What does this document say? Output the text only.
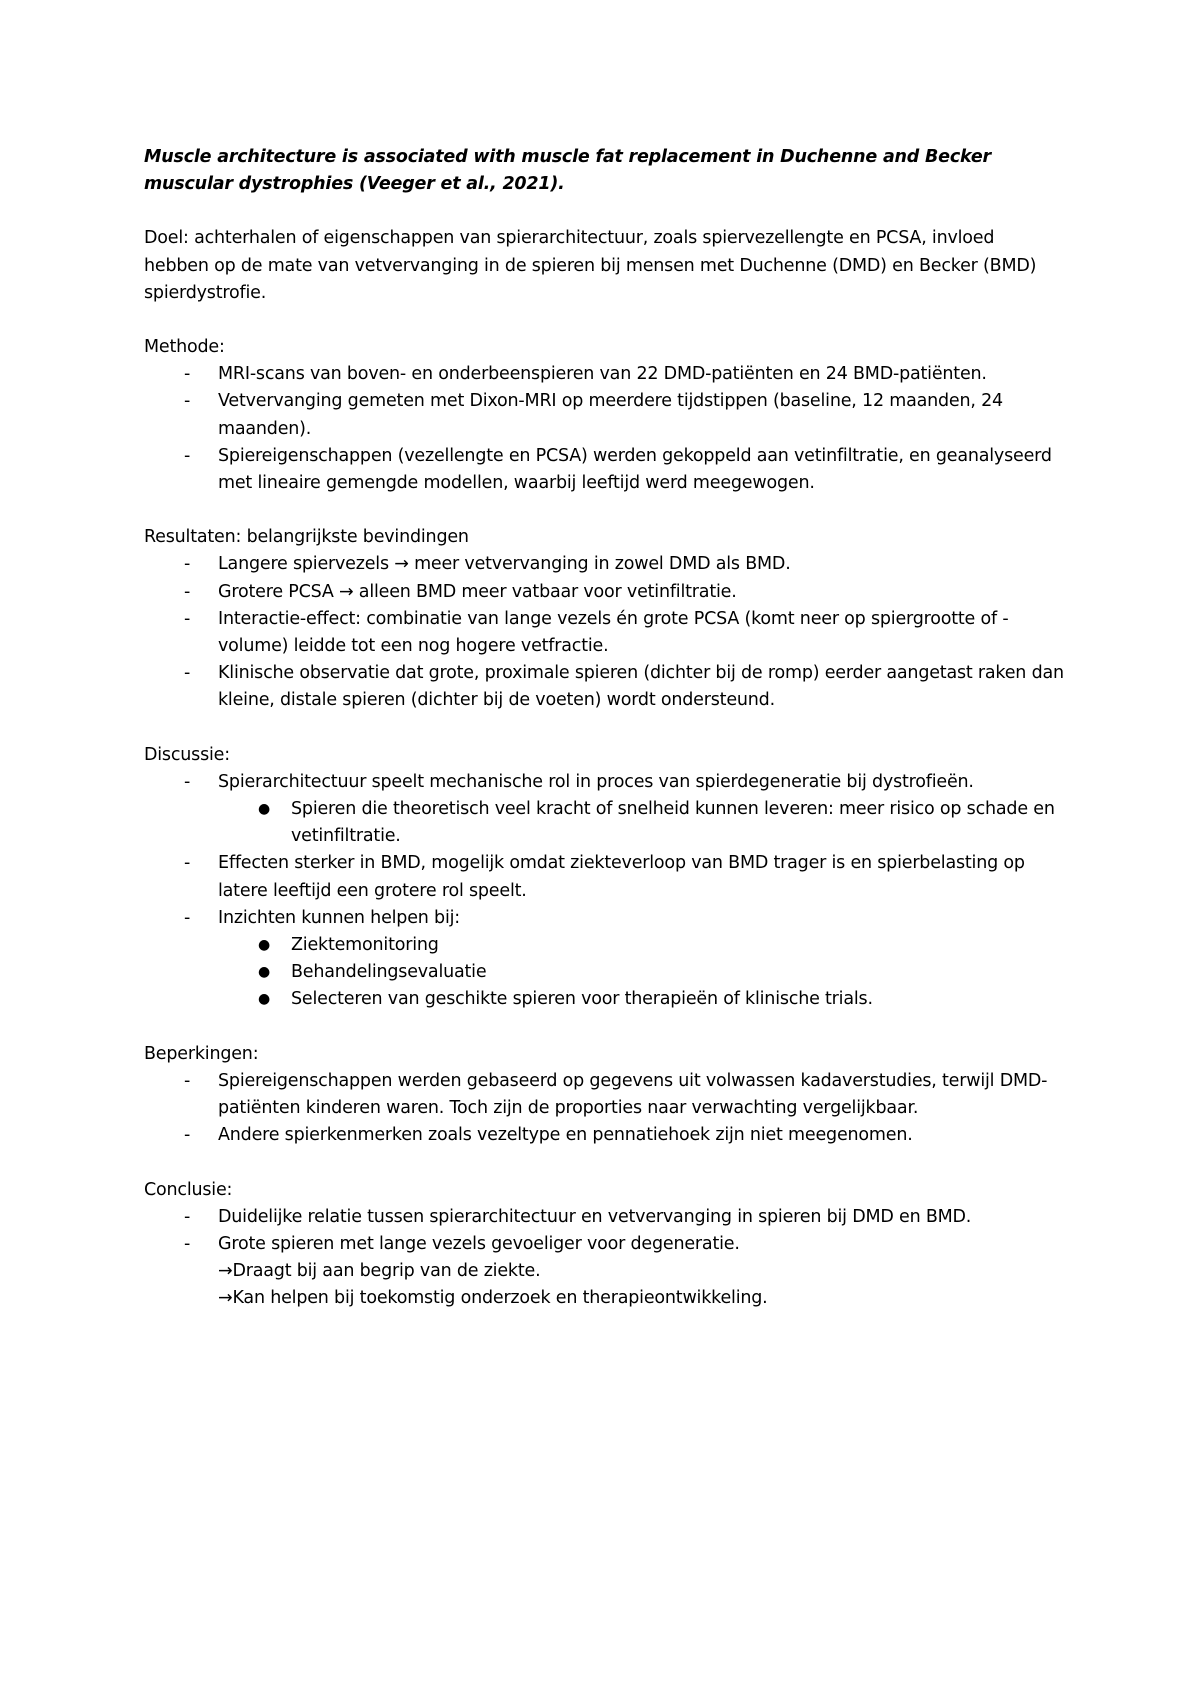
Muscle architecture is associated with muscle fat replacement in Duchenne and Becker muscular dystrophies (Veeger et al., 2021).

Doel: achterhalen of eigenschappen van spierarchitectuur, zoals spiervezellengte en PCSA, invloed hebben op de mate van vetvervanging in de spieren bij mensen met Duchenne (DMD) en Becker (BMD) spierdystrofie.

Methode:

- MRI-scans van boven- en onderbeenspieren van 22 DMD-patiënten en 24 BMD-patiënten.
- Vetvervanging gemeten met Dixon-MRI op meerdere tijdstippen (baseline, 12 maanden, 24 maanden).
- Spiereigenschappen (vezellengte en PCSA) werden gekoppeld aan vetinfiltratie, en geanalyseerd met lineaire gemengde modellen, waarbij leeftijd werd meegewogen.

Resultaten: belangrijkste bevindingen

- Langere spiervezels → meer vetvervanging in zowel DMD als BMD.
- Grotere PCSA → alleen BMD meer vatbaar voor vetinfiltratie.
- Interactie-effect: combinatie van lange vezels én grote PCSA (komt neer op spiergrootte of -volume) leidde tot een nog hogere vetfractie.
- Klinische observatie dat grote, proximale spieren (dichter bij de romp) eerder aangetast raken dan kleine, distale spieren (dichter bij de voeten) wordt ondersteund.

Discussie:

- Spierarchitectuur speelt mechanische rol in proces van spierdegeneratie bij dystrofieën.
● Spieren die theoretisch veel kracht of snelheid kunnen leveren: meer risico op schade en vetinfiltratie.
- Effecten sterker in BMD, mogelijk omdat ziekteverloop van BMD trager is en spierbelasting op latere leeftijd een grotere rol speelt.
- Inzichten kunnen helpen bij:
● Ziektemonitoring
● Behandelingsevaluatie
● Selecteren van geschikte spieren voor therapieën of klinische trials.

Beperkingen:

- Spiereigenschappen werden gebaseerd op gegevens uit volwassen kadaverstudies, terwijl DMD-patiënten kinderen waren. Toch zijn de proporties naar verwachting vergelijkbaar.
- Andere spierkenmerken zoals vezeltype en pennatiehoek zijn niet meegenomen.

Conclusie:

- Duidelijke relatie tussen spierarchitectuur en vetvervanging in spieren bij DMD en BMD.
- Grote spieren met lange vezels gevoeliger voor degeneratie.
→Draagt bij aan begrip van de ziekte.
→Kan helpen bij toekomstig onderzoek en therapieontwikkeling.
